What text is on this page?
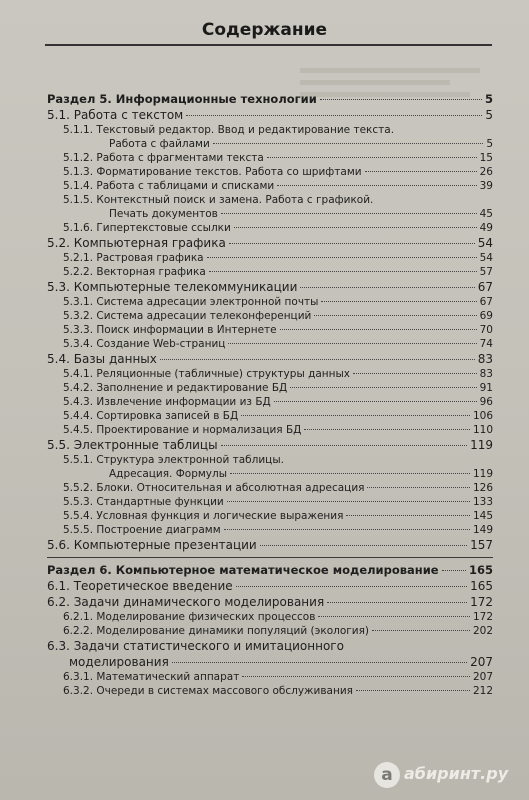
Содержание
Раздел 5. Информационные технологии	5
5.1. Работа с текстом	5
5.1.1. Текстовый редактор. Ввод и редактирование текста.
Работа с файлами	5
5.1.2. Работа с фрагментами текста	15
5.1.3. Форматирование текстов. Работа со шрифтами	26
5.1.4. Работа с таблицами и списками	39
5.1.5. Контекстный поиск и замена. Работа с графикой.
Печать документов	45
5.1.6. Гипертекстовые ссылки	49
5.2. Компьютерная графика	54
5.2.1. Растровая графика	54
5.2.2. Векторная графика	57
5.3. Компьютерные телекоммуникации	67
5.3.1. Система адресации электронной почты	67
5.3.2. Система адресации телеконференций	69
5.3.3. Поиск информации в Интернете	70
5.3.4. Создание Web-страниц	74
5.4. Базы данных	83
5.4.1. Реляционные (табличные) структуры данных	83
5.4.2. Заполнение и редактирование БД	91
5.4.3. Извлечение информации из БД	96
5.4.4. Сортировка записей в БД	106
5.4.5. Проектирование и нормализация БД	110
5.5. Электронные таблицы	119
5.5.1. Структура электронной таблицы.
Адресация. Формулы	119
5.5.2. Блоки. Относительная и абсолютная адресация	126
5.5.3. Стандартные функции	133
5.5.4. Условная функция и логические выражения	145
5.5.5. Построение диаграмм	149
5.6. Компьютерные презентации	157
Раздел 6. Компьютерное математическое моделирование	165
6.1. Теоретическое введение	165
6.2. Задачи динамического моделирования	172
6.2.1. Моделирование физических процессов	172
6.2.2. Моделирование динамики популяций (экология)	202
6.3. Задачи статистического и имитационного
моделирования	207
6.3.1. Математический аппарат	207
6.3.2. Очереди в системах массового обслуживания	212
a абиринт.ру
